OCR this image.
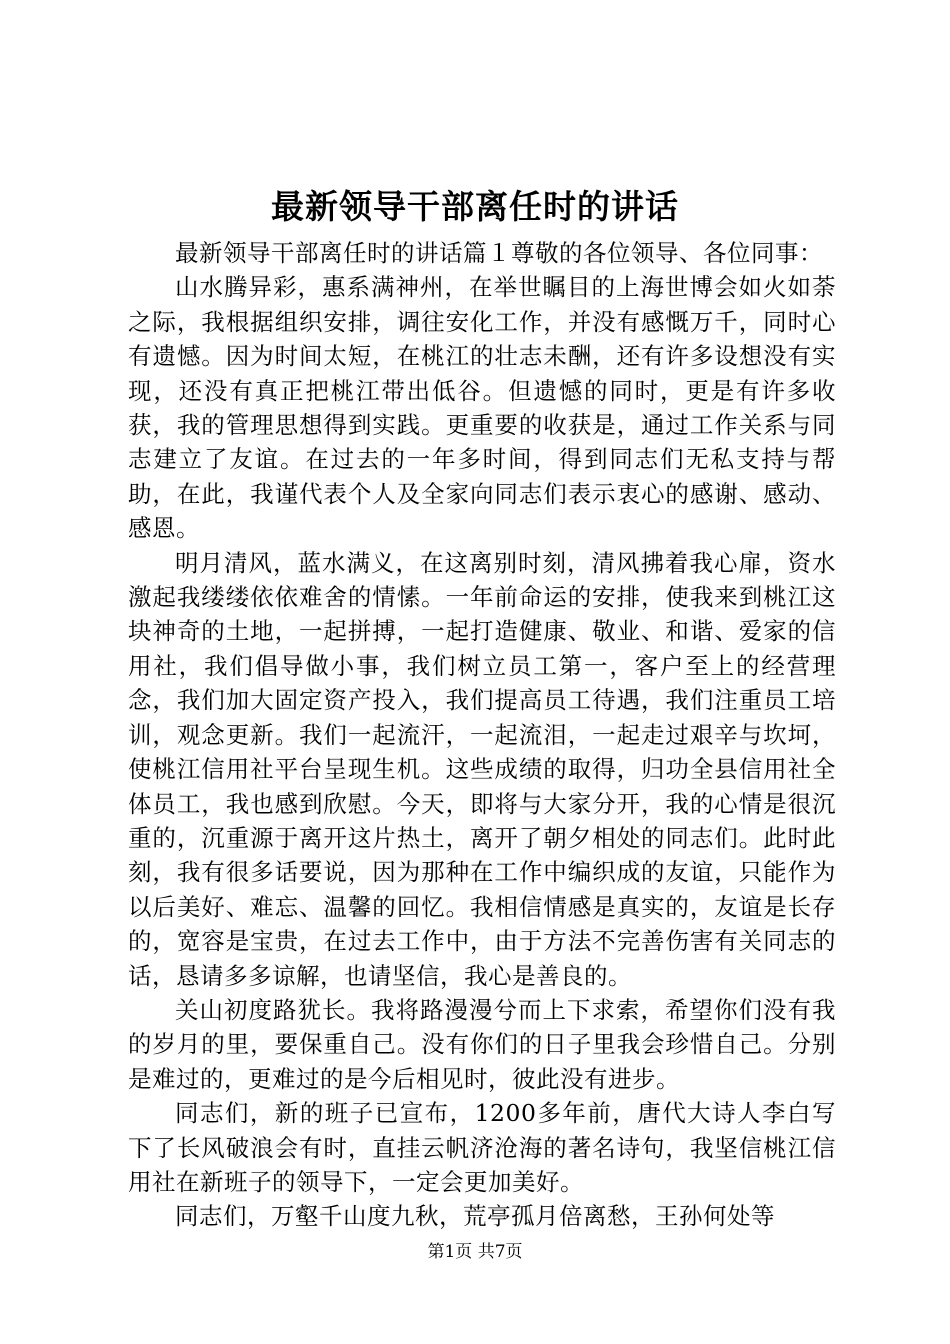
最新领导干部离任时的讲话

最新领导干部离任时的讲话篇１尊敬的各位领导、各位同事：

山水腾异彩，惠系满神州，在举世瞩目的上海世博会如火如荼之际，我根据组织安排，调往安化工作，并没有感慨万千，同时心有遗憾。因为时间太短，在桃江的壮志未酬，还有许多设想没有实现，还没有真正把桃江带出低谷。但遗憾的同时，更是有许多收获，我的管理思想得到实践。更重要的收获是，通过工作关系与同志建立了友谊。在过去的一年多时间，得到同志们无私支持与帮助，在此，我谨代表个人及全家向同志们表示衷心的感谢、感动、感恩。

明月清风，蓝水满义，在这离别时刻，清风拂着我心扉，资水激起我缕缕依依难舍的情愫。一年前命运的安排，使我来到桃江这块神奇的土地，一起拼搏，一起打造健康、敬业、和谐、爱家的信用社，我们倡导做小事，我们树立员工第一，客户至上的经营理念，我们加大固定资产投入，我们提高员工待遇，我们注重员工培训，观念更新。我们一起流汗，一起流泪，一起走过艰辛与坎坷，使桃江信用社平台呈现生机。这些成绩的取得，归功全县信用社全体员工，我也感到欣慰。今天，即将与大家分开，我的心情是很沉重的，沉重源于离开这片热土，离开了朝夕相处的同志们。此时此刻，我有很多话要说，因为那种在工作中编织成的友谊，只能作为以后美好、难忘、温馨的回忆。我相信情感是真实的，友谊是长存的，宽容是宝贵，在过去工作中，由于方法不完善伤害有关同志的话，恳请多多谅解，也请坚信，我心是善良的。

关山初度路犹长。我将路漫漫兮而上下求索，希望你们没有我的岁月的里，要保重自己。没有你们的日子里我会珍惜自己。分别是难过的，更难过的是今后相见时，彼此没有进步。

同志们，新的班子已宣布，1200多年前，唐代大诗人李白写下了长风破浪会有时，直挂云帆济沧海的著名诗句，我坚信桃江信用社在新班子的领导下，一定会更加美好。

同志们，万壑千山度九秋，荒亭孤月倍离愁，王孙何处等

第1页 共7页
